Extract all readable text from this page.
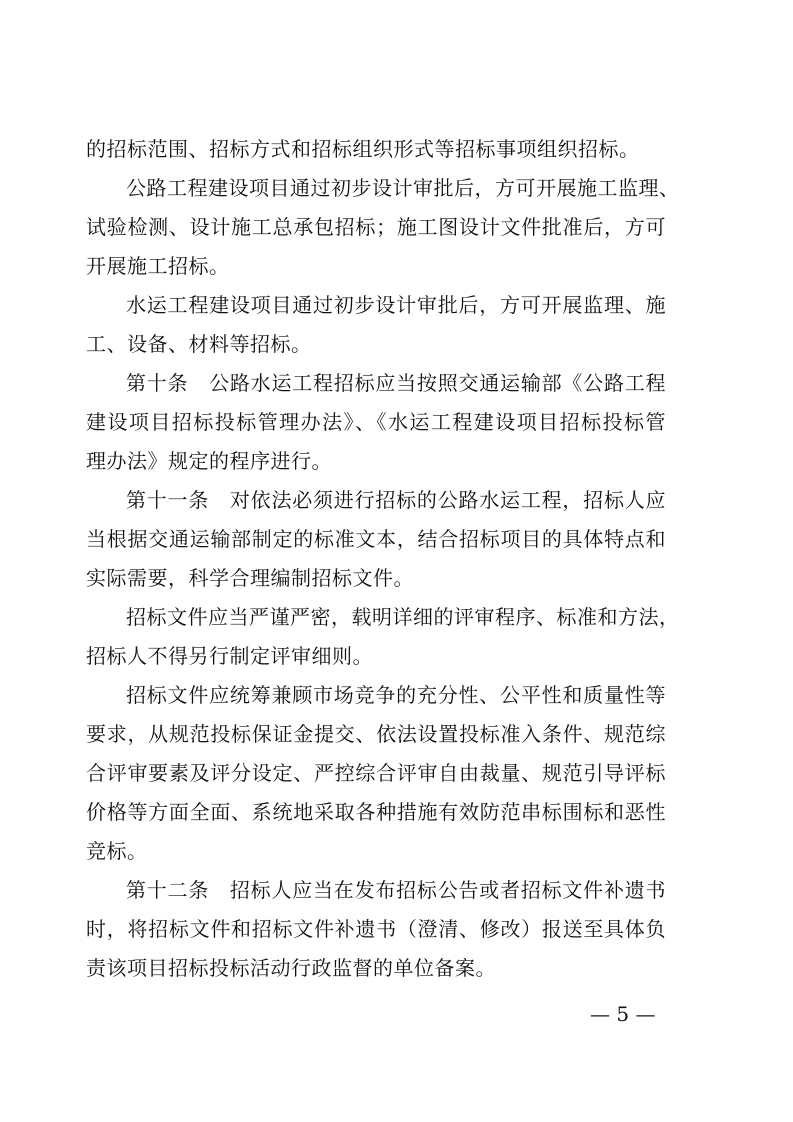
的招标范围、招标方式和招标组织形式等招标事项组织招标。
公路工程建设项目通过初步设计审批后，方可开展施工监理、
试验检测、设计施工总承包招标；施工图设计文件批准后，方可
开展施工招标。
水运工程建设项目通过初步设计审批后，方可开展监理、施
工、设备、材料等招标。
第十条　公路水运工程招标应当按照交通运输部《公路工程
建设项目招标投标管理办法》、《水运工程建设项目招标投标管
理办法》规定的程序进行。
第十一条　对依法必须进行招标的公路水运工程，招标人应
当根据交通运输部制定的标准文本，结合招标项目的具体特点和
实际需要，科学合理编制招标文件。
招标文件应当严谨严密，载明详细的评审程序、标准和方法，
招标人不得另行制定评审细则。
招标文件应统筹兼顾市场竞争的充分性、公平性和质量性等
要求，从规范投标保证金提交、依法设置投标准入条件、规范综
合评审要素及评分设定、严控综合评审自由裁量、规范引导评标
价格等方面全面、系统地采取各种措施有效防范串标围标和恶性
竞标。
第十二条　招标人应当在发布招标公告或者招标文件补遗书
时，将招标文件和招标文件补遗书（澄清、修改）报送至具体负
责该项目招标投标活动行政监督的单位备案。
— 5 —
